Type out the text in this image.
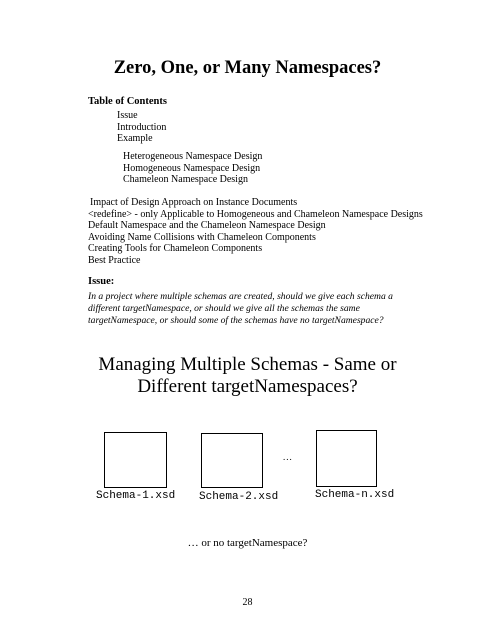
Zero, One, or Many Namespaces?
Table of Contents
Issue
Introduction
Example
Heterogeneous Namespace Design
Homogeneous Namespace Design
Chameleon Namespace Design
Impact of Design Approach on Instance Documents
<redefine> - only Applicable to Homogeneous and Chameleon Namespace Designs
Default Namespace and the Chameleon Namespace Design
Avoiding Name Collisions with Chameleon Components
Creating Tools for Chameleon Components
Best Practice
Issue:
In a project where multiple schemas are created, should we give each schema a different targetNamespace, or should we give all the schemas the same targetNamespace, or should some of the schemas have no targetNamespace?
Managing Multiple Schemas - Same or
Different targetNamespaces?
Schema-1.xsd Schema-2.xsd	Schema-n.xsd
...
… or no targetNamespace?
28
